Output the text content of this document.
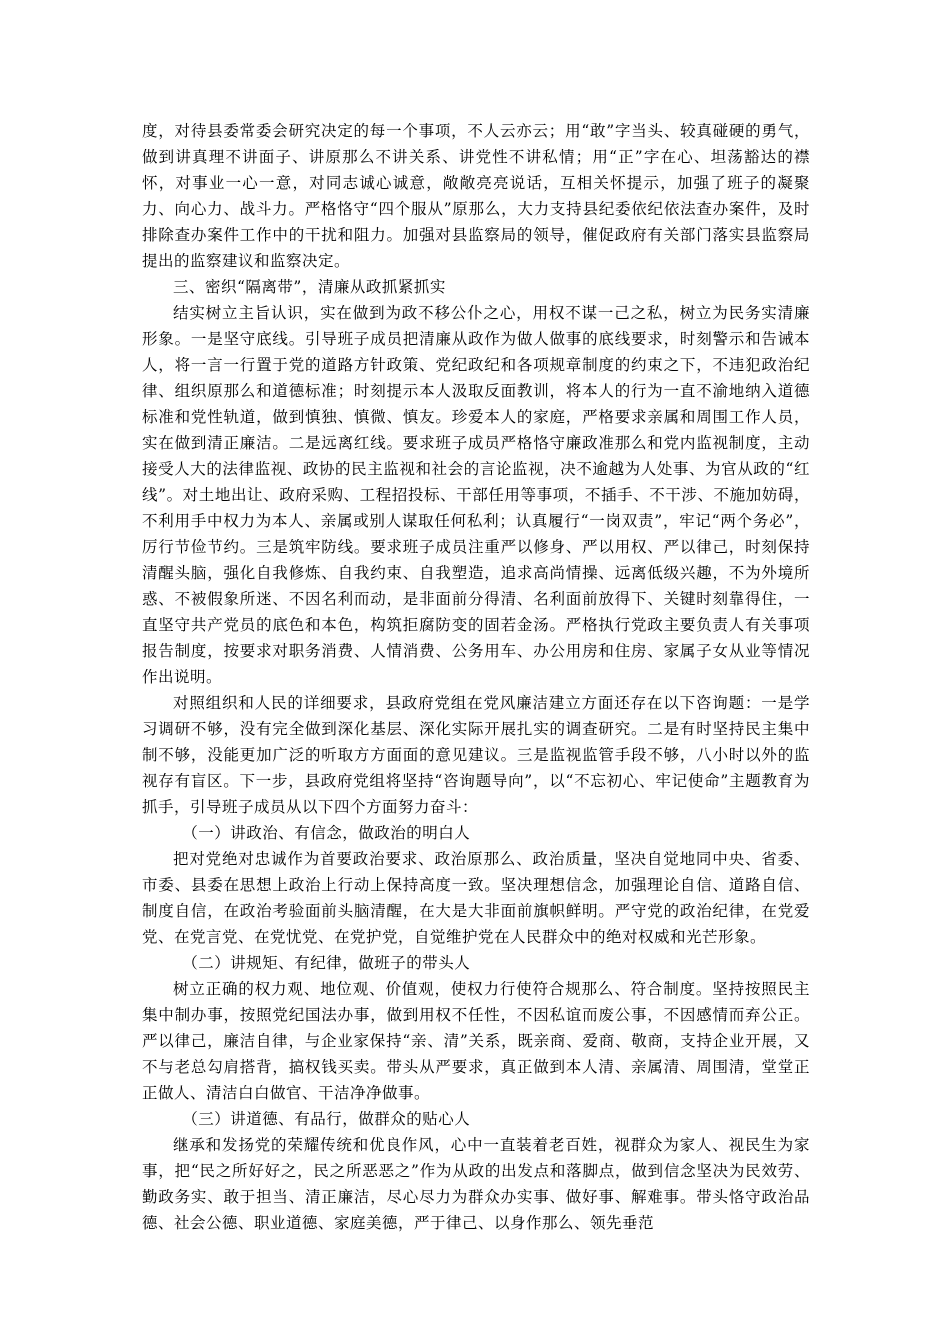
度，对待县委常委会研究决定的每一个事项，不人云亦云；用“敢”字当头、较真碰硬的勇气，做到讲真理不讲面子、讲原那么不讲关系、讲党性不讲私情；用“正”字在心、坦荡豁达的襟怀，对事业一心一意，对同志诚心诚意，敞敞亮亮说话，互相关怀提示，加强了班子的凝聚力、向心力、战斗力。严格恪守“四个服从”原那么，大力支持县纪委依纪依法查办案件，及时排除查办案件工作中的干扰和阻力。加强对县监察局的领导，催促政府有关部门落实县监察局提出的监察建议和监察决定。

三、密织“隔离带”，清廉从政抓紧抓实

结实树立主旨认识，实在做到为政不移公仆之心，用权不谋一己之私，树立为民务实清廉形象。一是坚守底线。引导班子成员把清廉从政作为做人做事的底线要求，时刻警示和告诫本人，将一言一行置于党的道路方针政策、党纪政纪和各项规章制度的约束之下，不违犯政治纪律、组织原那么和道德标准；时刻提示本人汲取反面教训，将本人的行为一直不渝地纳入道德标准和党性轨道，做到慎独、慎微、慎友。珍爱本人的家庭，严格要求亲属和周围工作人员，实在做到清正廉洁。二是远离红线。要求班子成员严格恪守廉政准那么和党内监视制度，主动接受人大的法律监视、政协的民主监视和社会的言论监视，决不逾越为人处事、为官从政的“红线”。对土地出让、政府采购、工程招投标、干部任用等事项，不插手、不干涉、不施加妨碍，不利用手中权力为本人、亲属或别人谋取任何私利；认真履行“一岗双责”，牢记“两个务必”，厉行节俭节约。三是筑牢防线。要求班子成员注重严以修身、严以用权、严以律己，时刻保持清醒头脑，强化自我修炼、自我约束、自我塑造，追求高尚情操、远离低级兴趣，不为外境所惑、不被假象所迷、不因名利而动，是非面前分得清、名利面前放得下、关键时刻靠得住，一直坚守共产党员的底色和本色，构筑拒腐防变的固若金汤。严格执行党政主要负责人有关事项报告制度，按要求对职务消费、人情消费、公务用车、办公用房和住房、家属子女从业等情况作出说明。

对照组织和人民的详细要求，县政府党组在党风廉洁建立方面还存在以下咨询题：一是学习调研不够，没有完全做到深化基层、深化实际开展扎实的调查研究。二是有时坚持民主集中制不够，没能更加广泛的听取方方面面的意见建议。三是监视监管手段不够，八小时以外的监视存有盲区。下一步，县政府党组将坚持“咨询题导向”，以“不忘初心、牢记使命”主题教育为抓手，引导班子成员从以下四个方面努力奋斗：

（一）讲政治、有信念，做政治的明白人

把对党绝对忠诚作为首要政治要求、政治原那么、政治质量，坚决自觉地同中央、省委、市委、县委在思想上政治上行动上保持高度一致。坚决理想信念，加强理论自信、道路自信、制度自信，在政治考验面前头脑清醒，在大是大非面前旗帜鲜明。严守党的政治纪律，在党爱党、在党言党、在党忧党、在党护党，自觉维护党在人民群众中的绝对权威和光芒形象。

（二）讲规矩、有纪律，做班子的带头人

树立正确的权力观、地位观、价值观，使权力行使符合规那么、符合制度。坚持按照民主集中制办事，按照党纪国法办事，做到用权不任性，不因私谊而废公事，不因感情而弃公正。严以律己，廉洁自律，与企业家保持“亲、清”关系，既亲商、爱商、敬商，支持企业开展，又不与老总勾肩搭背，搞权钱买卖。带头从严要求，真正做到本人清、亲属清、周围清，堂堂正正做人、清洁白白做官、干洁净净做事。

（三）讲道德、有品行，做群众的贴心人

继承和发扬党的荣耀传统和优良作风，心中一直装着老百姓，视群众为家人、视民生为家事，把“民之所好好之，民之所恶恶之”作为从政的出发点和落脚点，做到信念坚决为民效劳、勤政务实、敢于担当、清正廉洁，尽心尽力为群众办实事、做好事、解难事。带头恪守政治品德、社会公德、职业道德、家庭美德，严于律己、以身作那么、领先垂范
